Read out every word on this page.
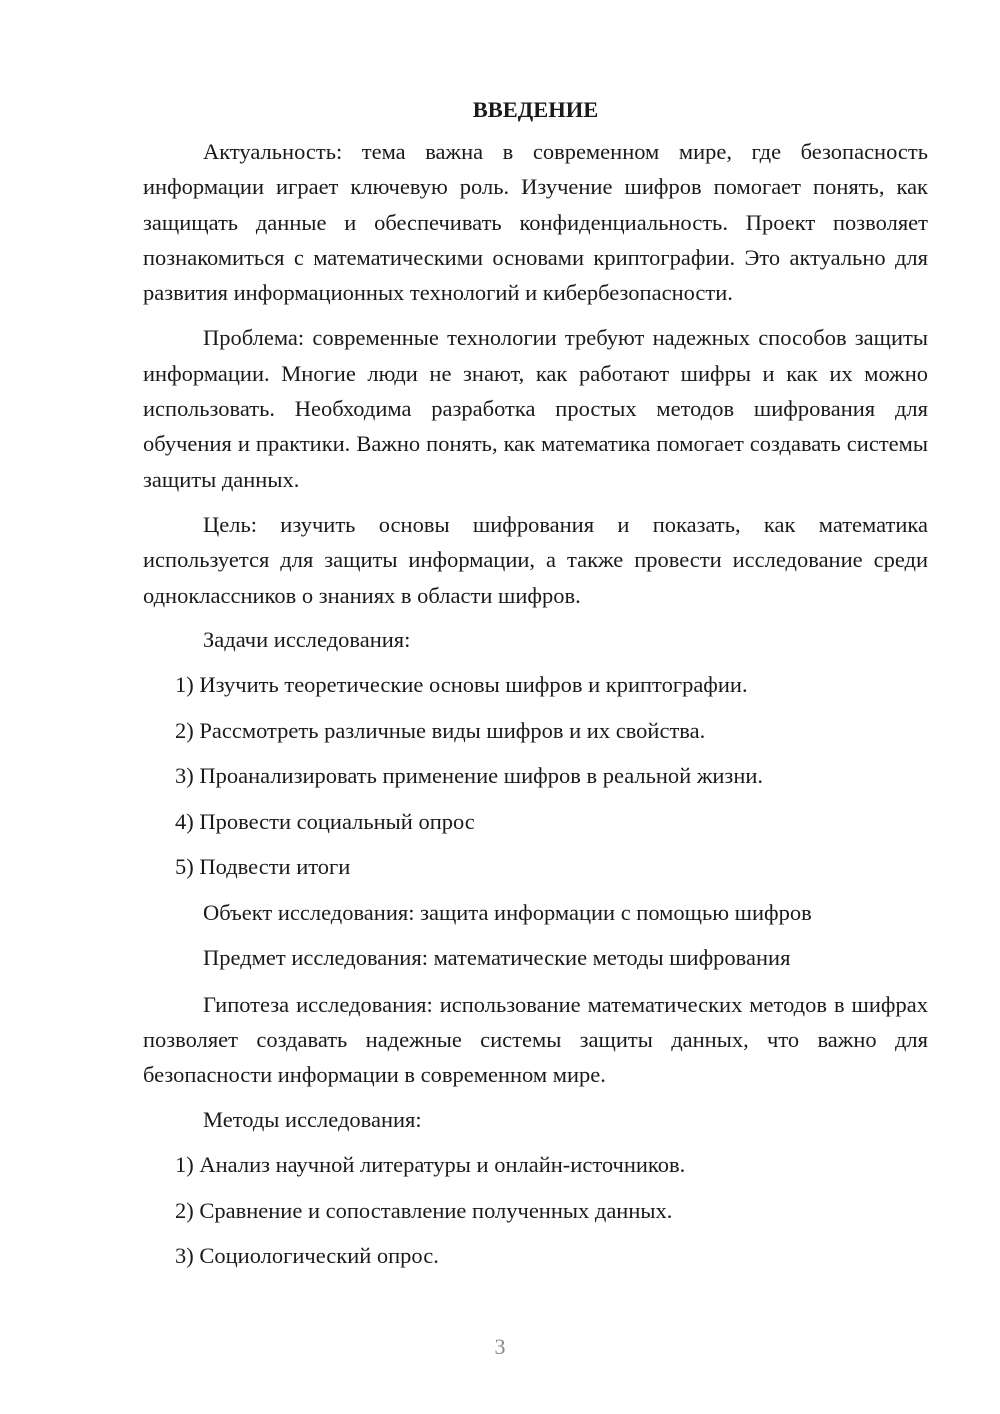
ВВЕДЕНИЕ

Актуальность: тема важна в современном мире, где безопасность информации играет ключевую роль. Изучение шифров помогает понять, как защищать данные и обеспечивать конфиденциальность. Проект позволяет познакомиться с математическими основами криптографии. Это актуально для развития информационных технологий и кибербезопасности.

Проблема: современные технологии требуют надежных способов защиты информации. Многие люди не знают, как работают шифры и как их можно использовать. Необходима разработка простых методов шифрования для обучения и практики. Важно понять, как математика помогает создавать системы защиты данных.

Цель: изучить основы шифрования и показать, как математика используется для защиты информации, а также провести исследование среди одноклассников о знаниях в области шифров.

Задачи исследования:
1) Изучить теоретические основы шифров и криптографии.
2) Рассмотреть различные виды шифров и их свойства.
3) Проанализировать применение шифров в реальной жизни.
4) Провести социальный опрос
5) Подвести итоги
Объект исследования: защита информации с помощью шифров
Предмет исследования: математические методы шифрования

Гипотеза исследования: использование математических методов в шифрах позволяет создавать надежные системы защиты данных, что важно для безопасности информации в современном мире.

Методы исследования:
1) Анализ научной литературы и онлайн-источников.
2) Сравнение и сопоставление полученных данных.
3) Социологический опрос.
3
